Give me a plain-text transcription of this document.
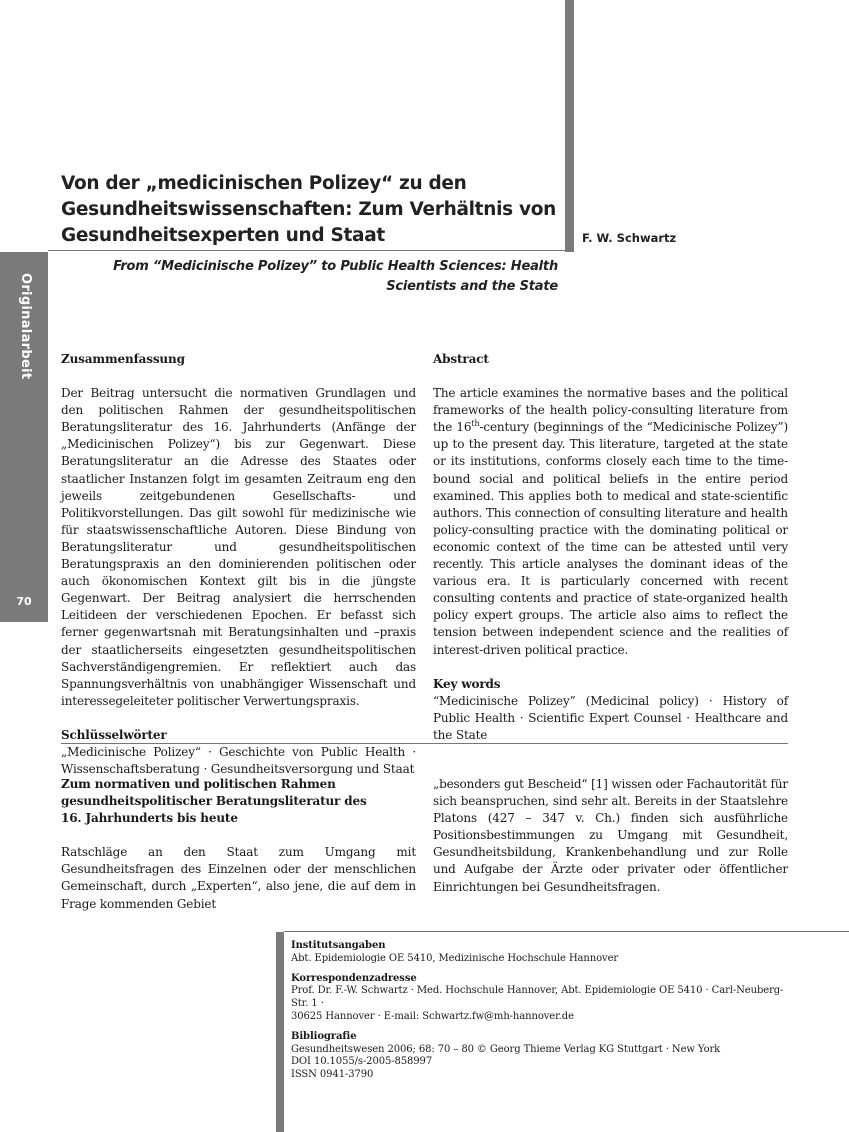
Originalarbeit
70
Von der „medicinischen Polizey“ zu den Gesundheitswissenschaften: Zum Verhältnis von Gesundheitsexperten und Staat	F. W. Schwartz
From “Medicinische Polizey” to Public Health Sciences: Health Scientists and the State
Zusammenfassung
Der Beitrag untersucht die normativen Grundlagen und den politischen Rahmen der gesundheitspolitischen Beratungsliteratur des 16. Jahrhunderts (Anfänge der „Medicinischen Polizey“) bis zur Gegenwart. Diese Beratungsliteratur an die Adresse des Staates oder staatlicher Instanzen folgt im gesamten Zeitraum eng den jeweils zeitgebundenen Gesellschafts- und Politikvorstellungen. Das gilt sowohl für medizinische wie für staatswissenschaftliche Autoren. Diese Bindung von Beratungsliteratur und gesundheitspolitischen Beratungspraxis an den dominierenden politischen oder auch ökonomischen Kontext gilt bis in die jüngste Gegenwart. Der Beitrag analysiert die herrschenden Leitideen der verschiedenen Epochen. Er befasst sich ferner gegenwartsnah mit Beratungsinhalten und –praxis der staatlicherseits eingesetzten gesundheitspolitischen Sachverständigengremien. Er reflektiert auch das Spannungsverhältnis von unabhängiger Wissenschaft und interessegeleiteter politischer Verwertungspraxis.
Schlüsselwörter
„Medicinische Polizey“ · Geschichte von Public Health · Wissenschaftsberatung · Gesundheitsversorgung und Staat
Abstract
The article examines the normative bases and the political frameworks of the health policy-consulting literature from the 16th-century (beginnings of the “Medicinische Polizey”) up to the present day. This literature, targeted at the state or its institutions, conforms closely each time to the time-bound social and political beliefs in the entire period examined. This applies both to medical and state-scientific authors. This connection of consulting literature and health policy-consulting practice with the dominating political or economic context of the time can be attested until very recently. This article analyses the dominant ideas of the various era. It is particularly concerned with recent consulting contents and practice of state-organized health policy expert groups. The article also aims to reflect the tension between independent science and the realities of interest-driven political practice.
Key words
“Medicinische Polizey” (Medicinal policy) · History of Public Health · Scientific Expert Counsel · Healthcare and the State
Zum normativen und politischen Rahmen
gesundheitspolitischer Beratungsliteratur des
16. Jahrhunderts bis heute
Ratschläge an den Staat zum Umgang mit Gesundheitsfragen des Einzelnen oder der menschlichen Gemeinschaft, durch „Experten“, also jene, die auf dem in Frage kommenden Gebiet
„besonders gut Bescheid“ [1] wissen oder Fachautorität für sich beanspruchen, sind sehr alt. Bereits in der Staatslehre Platons (427 – 347 v. Ch.) finden sich ausführliche Positionsbestimmungen zu Umgang mit Gesundheit, Gesundheitsbildung, Krankenbehandlung und zur Rolle und Aufgabe der Ärzte oder privater oder öffentlicher Einrichtungen bei Gesundheitsfragen.
Institutsangaben
Abt. Epidemiologie OE 5410, Medizinische Hochschule Hannover
Korrespondenzadresse
Prof. Dr. F.-W. Schwartz · Med. Hochschule Hannover, Abt. Epidemiologie OE 5410 · Carl-Neuberg-Str. 1 ·
30625 Hannover · E-mail: Schwartz.fw@mh-hannover.de
Bibliografie
Gesundheitswesen 2006; 68: 70 – 80 © Georg Thieme Verlag KG Stuttgart · New York
DOI 10.1055/s-2005-858997
ISSN 0941-3790
